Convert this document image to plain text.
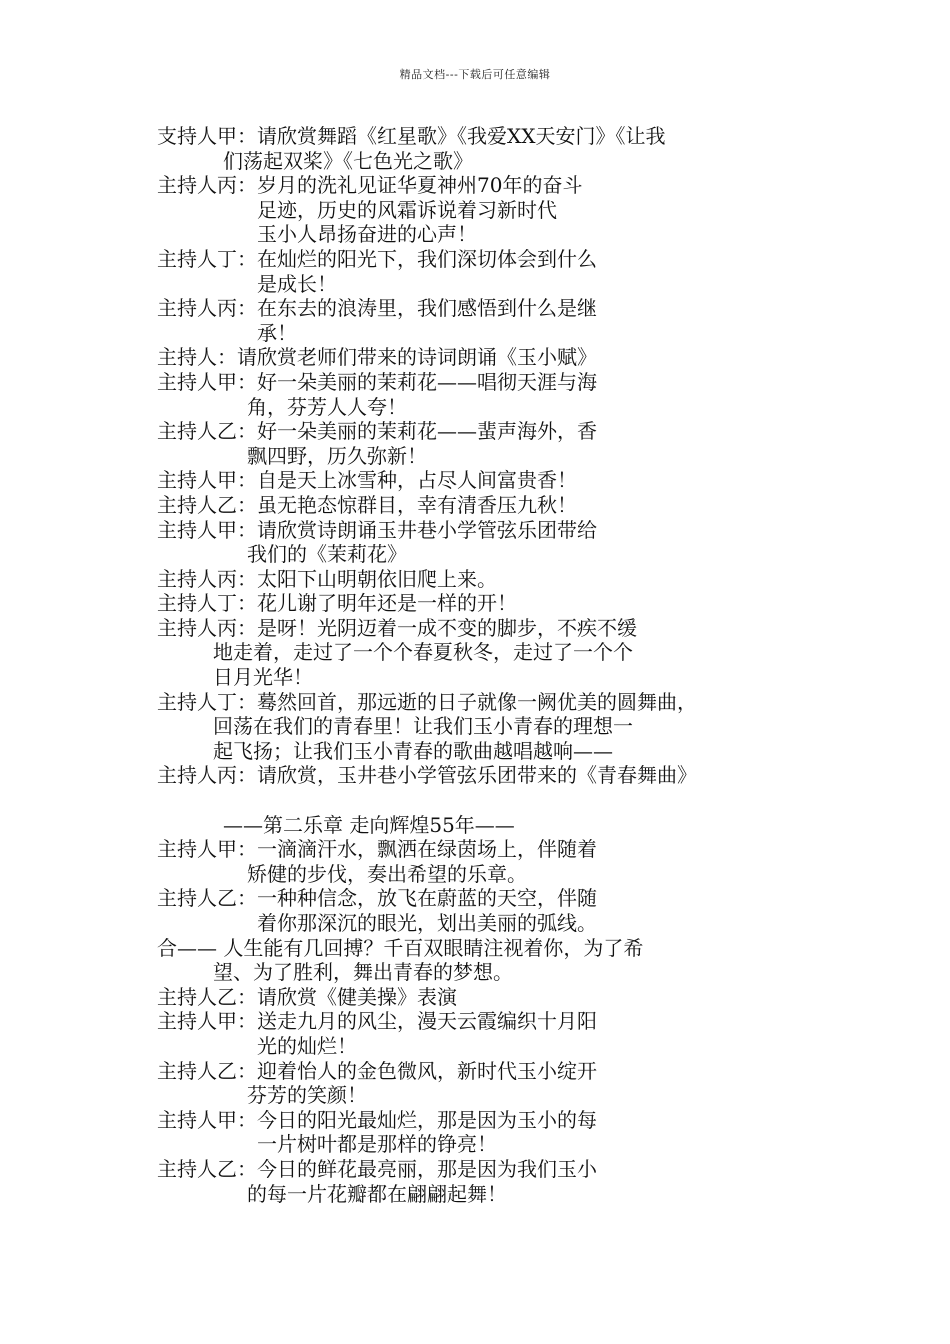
精品文档---下载后可任意编辑
支持人甲：请欣赏舞蹈《红星歌》《我爱XX天安门》《让我
们荡起双桨》《七色光之歌》
主持人丙：岁月的洗礼见证华夏神州70年的奋斗
足迹，历史的风霜诉说着习新时代
玉小人昂扬奋进的心声！
主持人丁：在灿烂的阳光下，我们深切体会到什么
是成长！
主持人丙：在东去的浪涛里，我们感悟到什么是继
承！
主持人：请欣赏老师们带来的诗词朗诵《玉小赋》
主持人甲：好一朵美丽的茉莉花——唱彻天涯与海
角，芬芳人人夸！
主持人乙：好一朵美丽的茉莉花——蜚声海外，香
飘四野，历久弥新！
主持人甲：自是天上冰雪种，占尽人间富贵香！
主持人乙：虽无艳态惊群目，幸有清香压九秋！
主持人甲：请欣赏诗朗诵玉井巷小学管弦乐团带给
我们的《茉莉花》
主持人丙：太阳下山明朝依旧爬上来。
主持人丁：花儿谢了明年还是一样的开！
主持人丙：是呀！光阴迈着一成不变的脚步，不疾不缓
地走着，走过了一个个春夏秋冬，走过了一个个
日月光华！
主持人丁：蓦然回首，那远逝的日子就像一阙优美的圆舞曲，
回荡在我们的青春里！让我们玉小青春的理想一
起飞扬；让我们玉小青春的歌曲越唱越响——
主持人丙：请欣赏，玉井巷小学管弦乐团带来的《青春舞曲》
——第二乐章 走向辉煌55年——
主持人甲：一滴滴汗水，飘洒在绿茵场上，伴随着
矫健的步伐，奏出希望的乐章。
主持人乙：一种种信念，放飞在蔚蓝的天空，伴随
着你那深沉的眼光，划出美丽的弧线。
合—— 人生能有几回搏？千百双眼睛注视着你，为了希
望、为了胜利，舞出青春的梦想。
主持人乙：请欣赏《健美操》表演
主持人甲：送走九月的风尘，漫天云霞编织十月阳
光的灿烂！
主持人乙：迎着怡人的金色微风，新时代玉小绽开
芬芳的笑颜！
主持人甲：今日的阳光最灿烂，那是因为玉小的每
一片树叶都是那样的铮亮！
主持人乙：今日的鲜花最亮丽，那是因为我们玉小
的每一片花瓣都在翩翩起舞！
